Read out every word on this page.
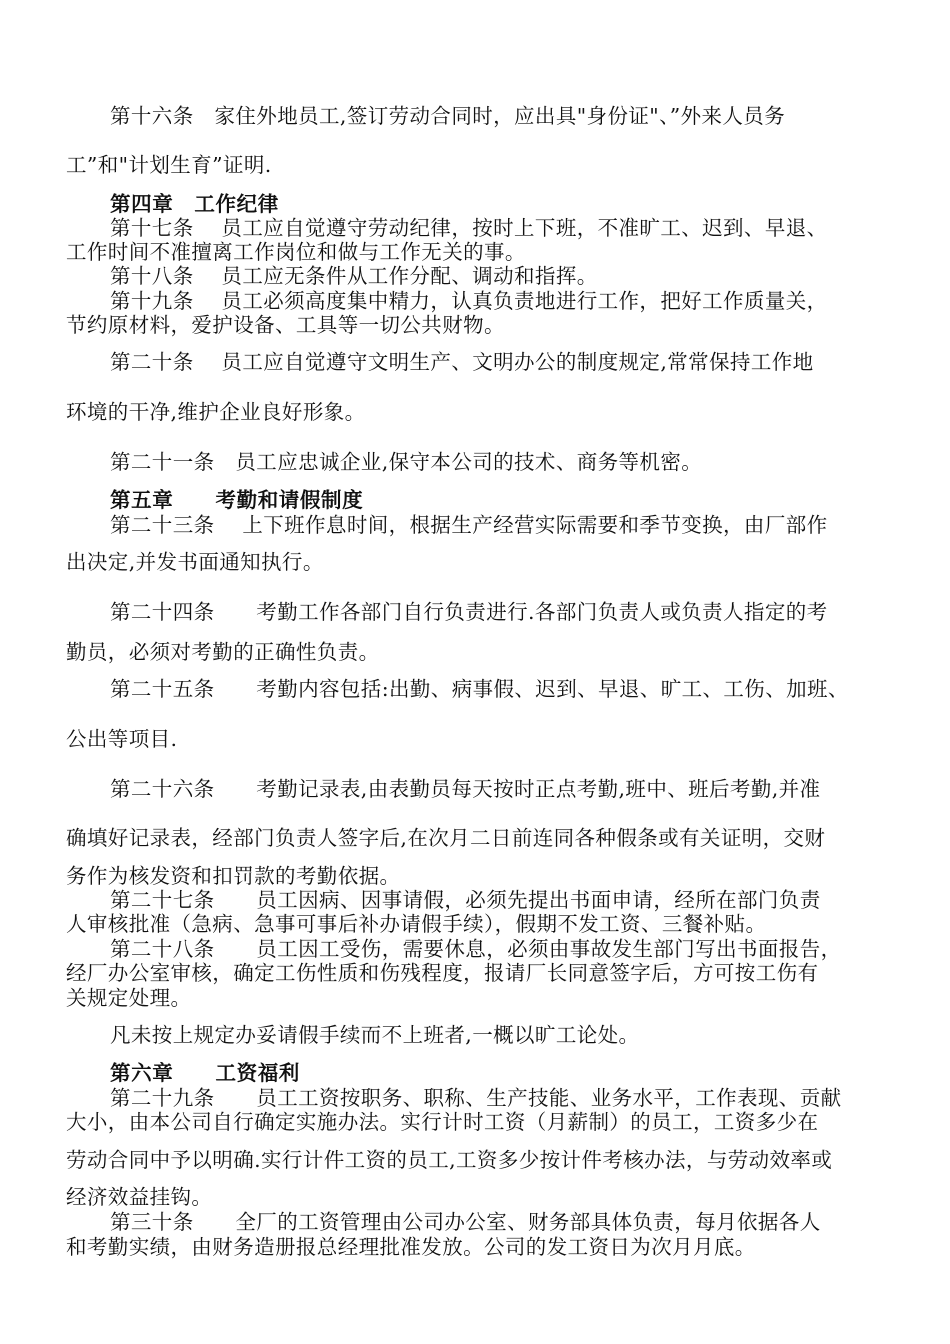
第十六条　家住外地员工,签订劳动合同时，应出具"身份证"、”外来人员务
工”和"计划生育”证明.
第四章　工作纪律
第十七条　 员工应自觉遵守劳动纪律，按时上下班，不准旷工、迟到、早退、
工作时间不准擅离工作岗位和做与工作无关的事。
第十八条　 员工应无条件从工作分配、调动和指挥。
第十九条　 员工必须高度集中精力，认真负责地进行工作，把好工作质量关，
节约原材料，爱护设备、工具等一切公共财物。
第二十条　 员工应自觉遵守文明生产、文明办公的制度规定,常常保持工作地
环境的干净,维护企业良好形象。
第二十一条　员工应忠诚企业,保守本公司的技术、商务等机密。
第五章　　考勤和请假制度
第二十三条　 上下班作息时间，根据生产经营实际需要和季节变换，由厂部作
出决定,并发书面通知执行。
第二十四条　　考勤工作各部门自行负责进行.各部门负责人或负责人指定的考
勤员，必须对考勤的正确性负责。
第二十五条　　考勤内容包括:出勤、病事假、迟到、早退、旷工、工伤、加班、
公出等项目.
第二十六条　　考勤记录表,由表勤员每天按时正点考勤,班中、班后考勤,并准
确填好记录表，经部门负责人签字后,在次月二日前连同各种假条或有关证明，交财
务作为核发资和扣罚款的考勤依据。
第二十七条　　员工因病、因事请假，必须先提出书面申请，经所在部门负责
人审核批准（急病、急事可事后补办请假手续），假期不发工资、三餐补贴。
第二十八条　　员工因工受伤，需要休息，必须由事故发生部门写出书面报告，
经厂办公室审核，确定工伤性质和伤残程度，报请厂长同意签字后，方可按工伤有
关规定处理。
凡未按上规定办妥请假手续而不上班者,一概以旷工论处。
第六章　　工资福利
第二十九条　　员工工资按职务、职称、生产技能、业务水平，工作表现、贡献
大小，由本公司自行确定实施办法。实行计时工资（月薪制）的员工，工资多少在
劳动合同中予以明确.实行计件工资的员工,工资多少按计件考核办法，与劳动效率或
经济效益挂钩。
第三十条　　全厂的工资管理由公司办公室、财务部具体负责，每月依据各人
和考勤实绩，由财务造册报总经理批准发放。公司的发工资日为次月月底。
